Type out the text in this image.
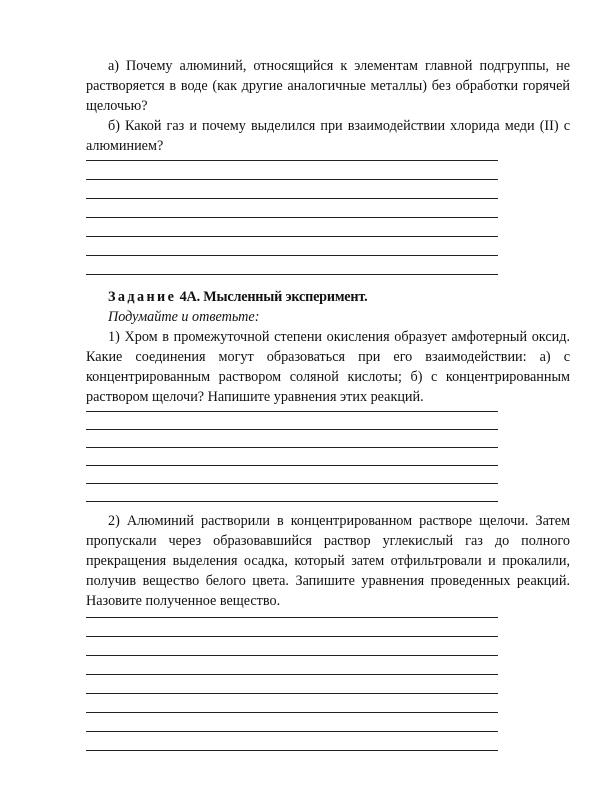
а) Почему алюминий, относящийся к элементам главной подгруппы, не растворяется в воде (как другие аналогичные металлы) без обработки горячей щелочью?

б) Какой газ и почему выделился при взаимодействии хлорида меди (II) с алюминием?

Задание 4А. Мысленный эксперимент.

Подумайте и ответьте:

1) Хром в промежуточной степени окисления образует амфотерный оксид. Какие соединения могут образоваться при его взаимодействии: а) с концентрированным раствором соляной кислоты; б) с концентрированным раствором щелочи? Напишите уравнения этих реакций.

2) Алюминий растворили в концентрированном растворе щелочи. Затем пропускали через образовавшийся раствор углекислый газ до полного прекращения выделения осадка, который затем отфильтровали и прокалили, получив вещество белого цвета. Запишите уравнения проведенных реакций. Назовите полученное вещество.
